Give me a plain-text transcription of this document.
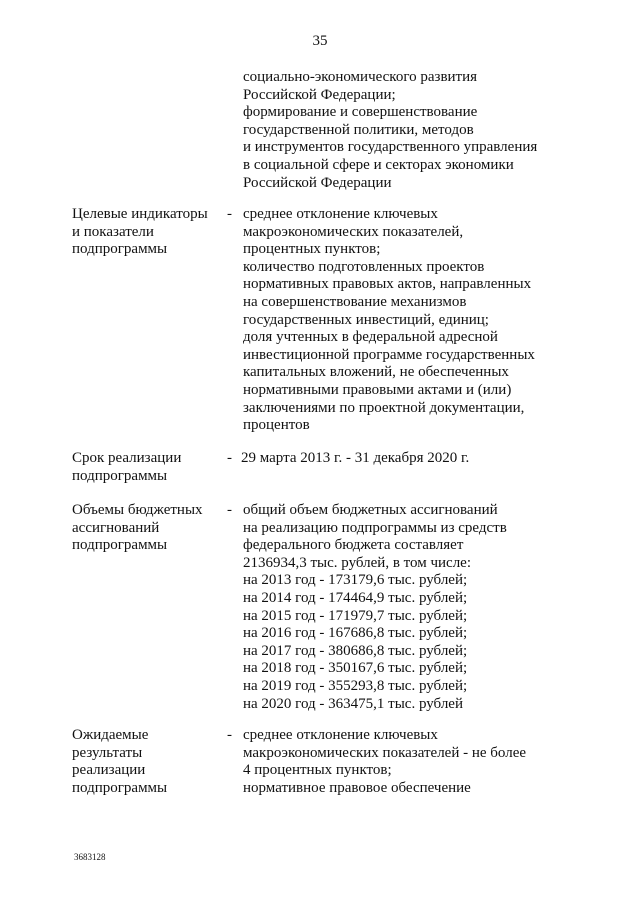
35
социально-экономического развития
Российской Федерации;
формирование и совершенствование
государственной политики, методов
и инструментов государственного управления
в социальной сфере и секторах экономики
Российской Федерации
Целевые индикаторы
и показатели
подпрограммы
- среднее отклонение ключевых
макроэкономических показателей,
процентных пунктов;
количество подготовленных проектов
нормативных правовых актов, направленных
на совершенствование механизмов
государственных инвестиций, единиц;
доля учтенных в федеральной адресной
инвестиционной программе государственных
капитальных вложений, не обеспеченных
нормативными правовыми актами и (или)
заключениями по проектной документации,
процентов
Срок реализации
подпрограммы
- 29 марта 2013 г. - 31 декабря 2020 г.
Объемы бюджетных
ассигнований
подпрограммы
- общий объем бюджетных ассигнований
на реализацию подпрограммы из средств
федерального бюджета составляет
2136934,3 тыс. рублей, в том числе:
на 2013 год - 173179,6 тыс. рублей;
на 2014 год - 174464,9 тыс. рублей;
на 2015 год - 171979,7 тыс. рублей;
на 2016 год - 167686,8 тыс. рублей;
на 2017 год - 380686,8 тыс. рублей;
на 2018 год - 350167,6 тыс. рублей;
на 2019 год - 355293,8 тыс. рублей;
на 2020 год - 363475,1 тыс. рублей
Ожидаемые
результаты
реализации
подпрограммы
- среднее отклонение ключевых
макроэкономических показателей - не более
4 процентных пунктов;
нормативное правовое обеспечение
3683128
